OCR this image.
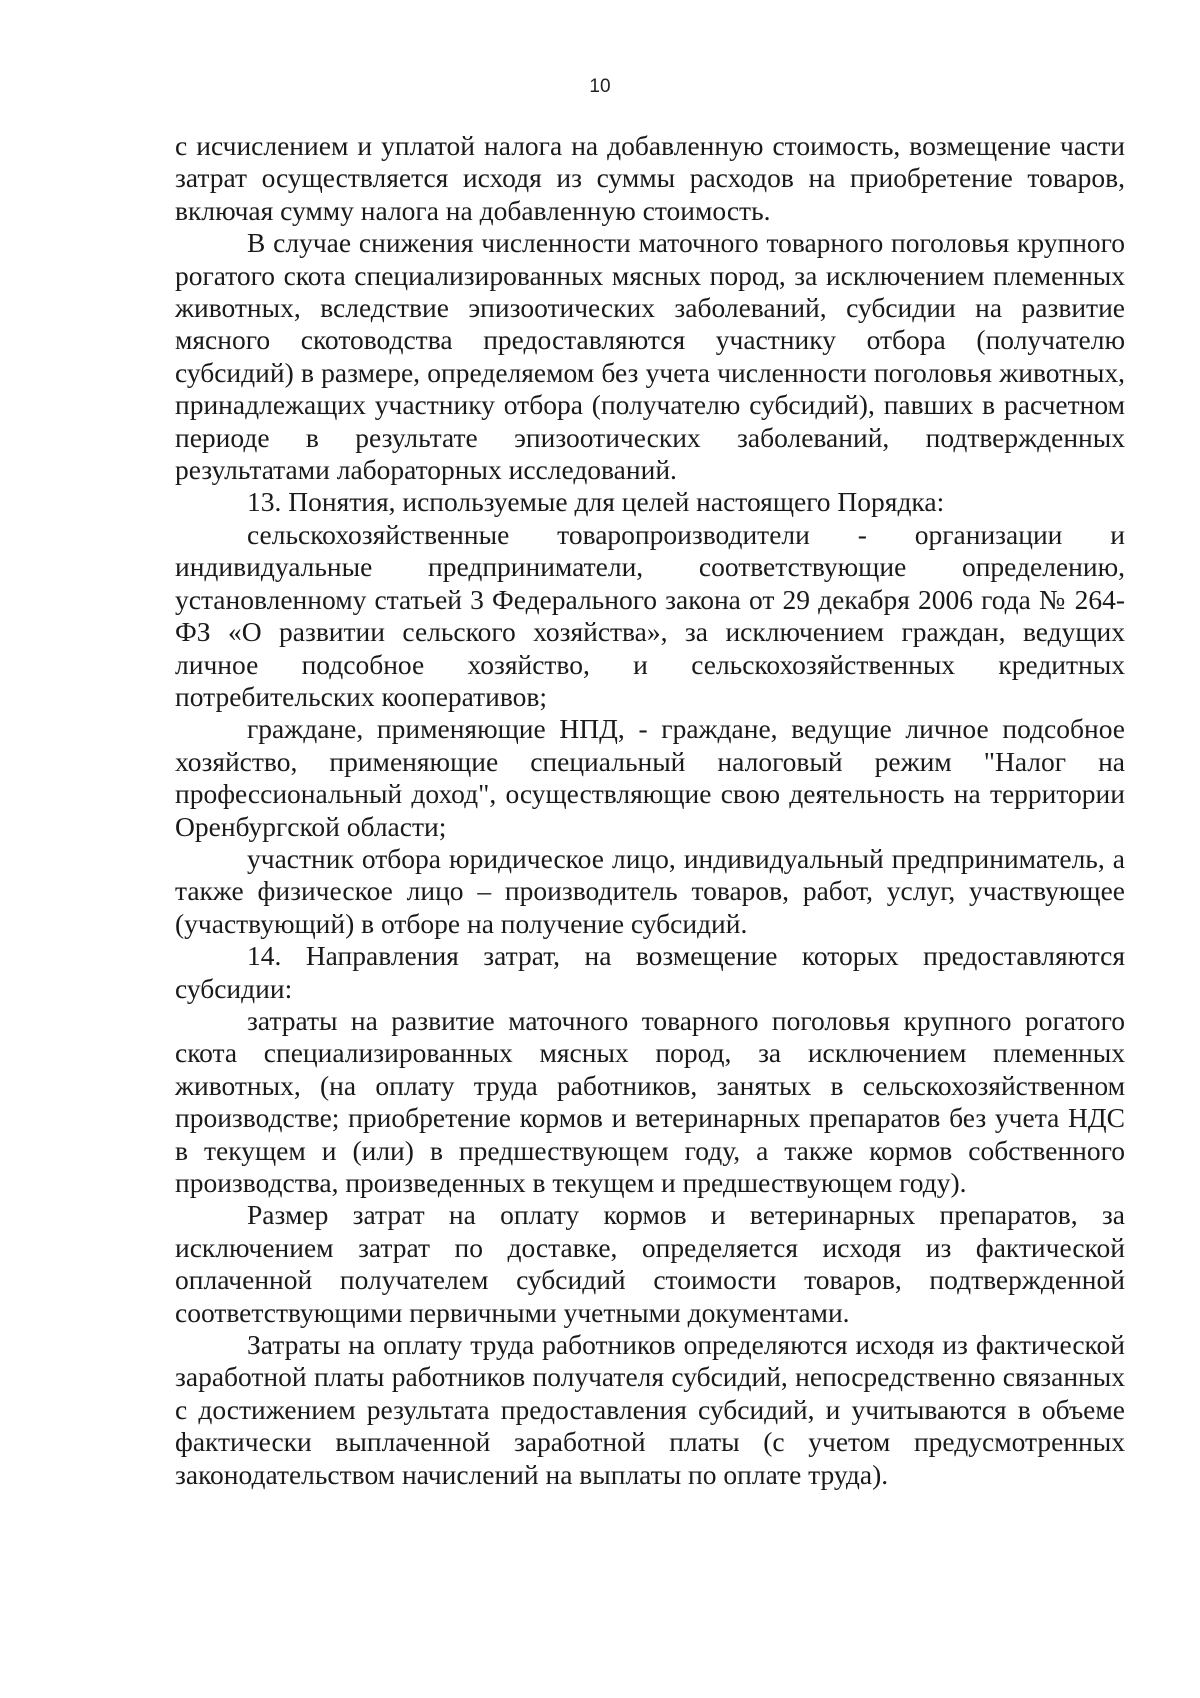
10

с исчислением и уплатой налога на добавленную стоимость, возмещение части затрат осуществляется исходя из суммы расходов на приобретение товаров, включая сумму налога на добавленную стоимость.

В случае снижения численности маточного товарного поголовья крупного рогатого скота специализированных мясных пород, за исключением племенных животных, вследствие эпизоотических заболеваний, субсидии на развитие мясного скотоводства предоставляются участнику отбора (получателю субсидий) в размере, определяемом без учета численности поголовья животных, принадлежащих участнику отбора (получателю субсидий), павших в расчетном периоде в результате эпизоотических заболеваний, подтвержденных результатами лабораторных исследований.

13. Понятия, используемые для целей настоящего Порядка:

сельскохозяйственные товаропроизводители - организации и индивидуальные предприниматели, соответствующие определению, установленному статьей 3 Федерального закона от 29 декабря 2006 года № 264-ФЗ «О развитии сельского хозяйства», за исключением граждан, ведущих личное подсобное хозяйство, и сельскохозяйственных кредитных потребительских кооперативов;

граждане, применяющие НПД, - граждане, ведущие личное подсобное хозяйство, применяющие специальный налоговый режим "Налог на профессиональный доход", осуществляющие свою деятельность на территории Оренбургской области;

участник отбора юридическое лицо, индивидуальный предприниматель, а также физическое лицо – производитель товаров, работ, услуг, участвующее (участвующий) в отборе на получение субсидий.

14. Направления затрат, на возмещение которых предоставляются субсидии:

затраты на развитие маточного товарного поголовья крупного рогатого скота специализированных мясных пород, за исключением племенных животных, (на оплату труда работников, занятых в сельскохозяйственном производстве; приобретение кормов и ветеринарных препаратов без учета НДС в текущем и (или) в предшествующем году, а также кормов собственного производства, произведенных в текущем и предшествующем году).

Размер затрат на оплату кормов и ветеринарных препаратов, за исключением затрат по доставке, определяется исходя из фактической оплаченной получателем субсидий стоимости товаров, подтвержденной соответствующими первичными учетными документами.

Затраты на оплату труда работников определяются исходя из фактической заработной платы работников получателя субсидий, непосредственно связанных с достижением результата предоставления субсидий, и учитываются в объеме фактически выплаченной заработной платы (с учетом предусмотренных законодательством начислений на выплаты по оплате труда).
